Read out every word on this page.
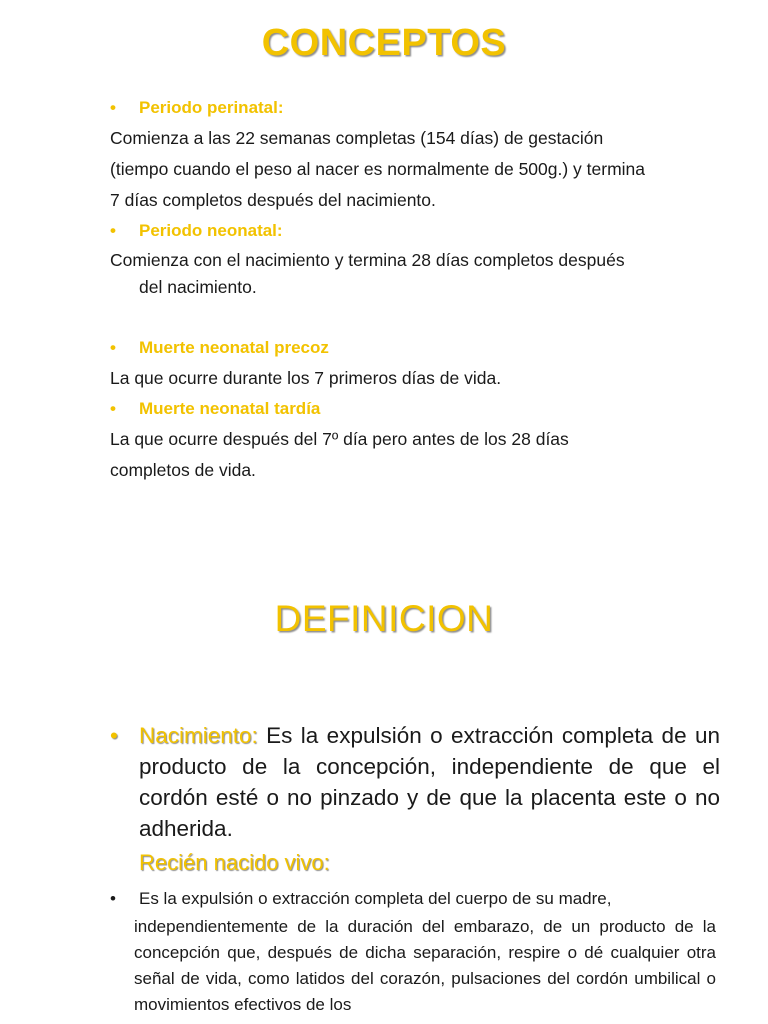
CONCEPTOS
• Periodo perinatal:
Comienza a las 22 semanas completas (154 días) de gestación
(tiempo cuando el peso al nacer es normalmente de 500g.) y termina
7 días completos después del nacimiento.
• Periodo neonatal:
Comienza con el nacimiento y termina 28 días completos después
del nacimiento.
• Muerte neonatal precoz
La que ocurre durante los 7 primeros días de vida.
• Muerte neonatal tardía
La que ocurre después del 7º día pero antes de los 28 días
completos de vida.
DEFINICION
• Nacimiento: Es la expulsión o extracción completa de un producto de la concepción, independiente de que el cordón esté o no pinzado y de que la placenta este o no adherida.
Recién nacido vivo:
• Es la expulsión o extracción completa del cuerpo de su madre,
independientemente de la duración del embarazo, de un producto de la concepción que, después de dicha separación, respire o dé cualquier otra señal de vida, como latidos del corazón, pulsaciones del cordón umbilical o movimientos efectivos de los
